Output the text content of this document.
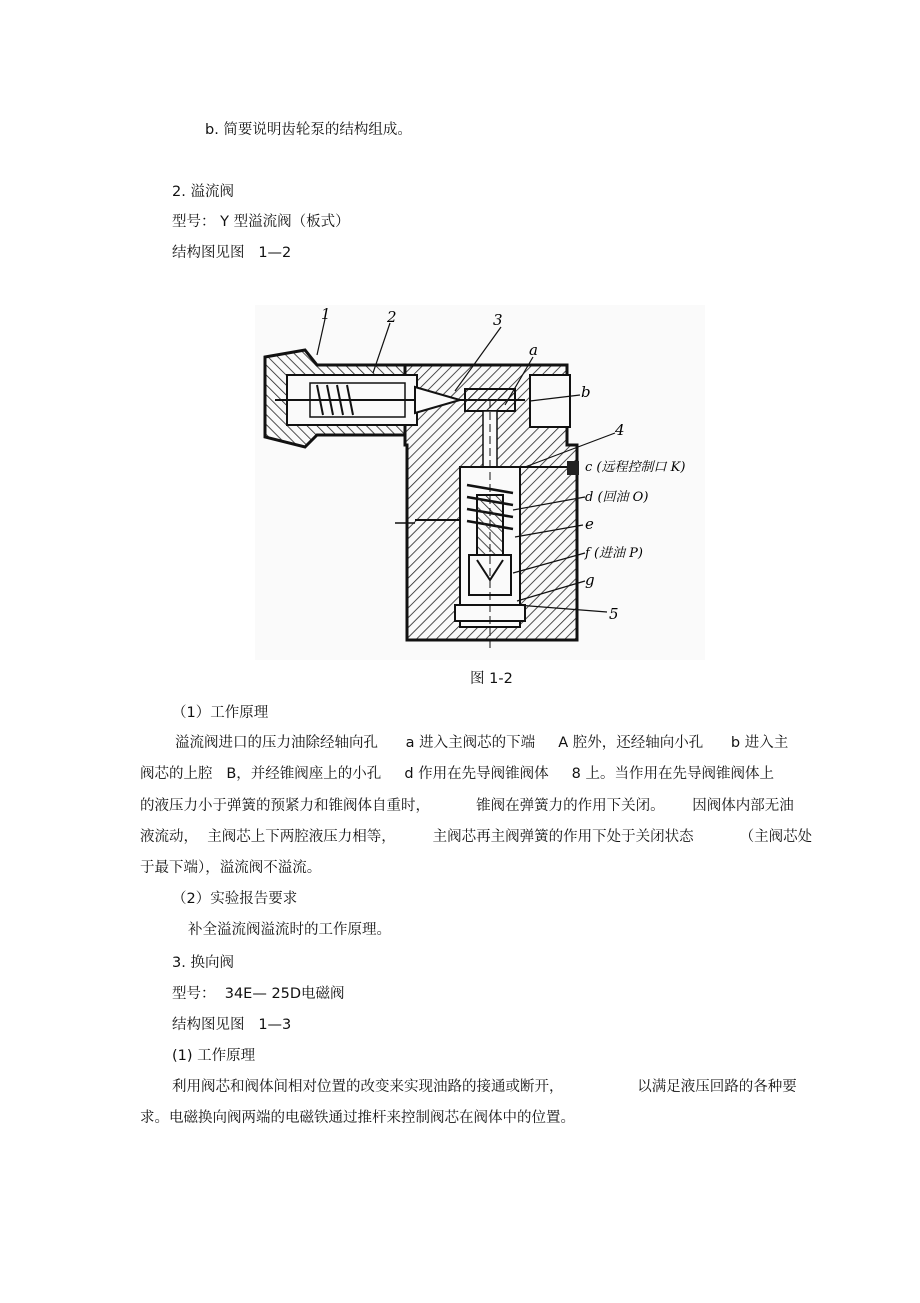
b. 简要说明齿轮泵的结构组成。
2. 溢流阀
型号： Y 型溢流阀（板式）
结构图见图   1—2
1	2	3
a
b
4
c (远程控制口 K)
d (回油 O)
e
f (进油 P)
g
5
图 1-2
（1）工作原理
溢流阀进口的压力油除经轴向孔      a 进入主阀芯的下端     A 腔外，还经轴向小孔      b 进入主
阀芯的上腔   B，并经锥阀座上的小孔     d 作用在先导阀锥阀体     8 上。当作用在先导阀锥阀体上
的液压力小于弹簧的预紧力和锥阀体自重时，          锥阀在弹簧力的作用下关闭。      因阀体内部无油
液流动，  主阀芯上下两腔液压力相等，        主阀芯再主阀弹簧的作用下处于关闭状态          （主阀芯处
于最下端），溢流阀不溢流。
（2）实验报告要求
补全溢流阀溢流时的工作原理。
3. 换向阀
型号：  34E— 25D电磁阀
结构图见图   1—3
(1) 工作原理
利用阀芯和阀体间相对位置的改变来实现油路的接通或断开，                以满足液压回路的各种要
求。电磁换向阀两端的电磁铁通过推杆来控制阀芯在阀体中的位置。
